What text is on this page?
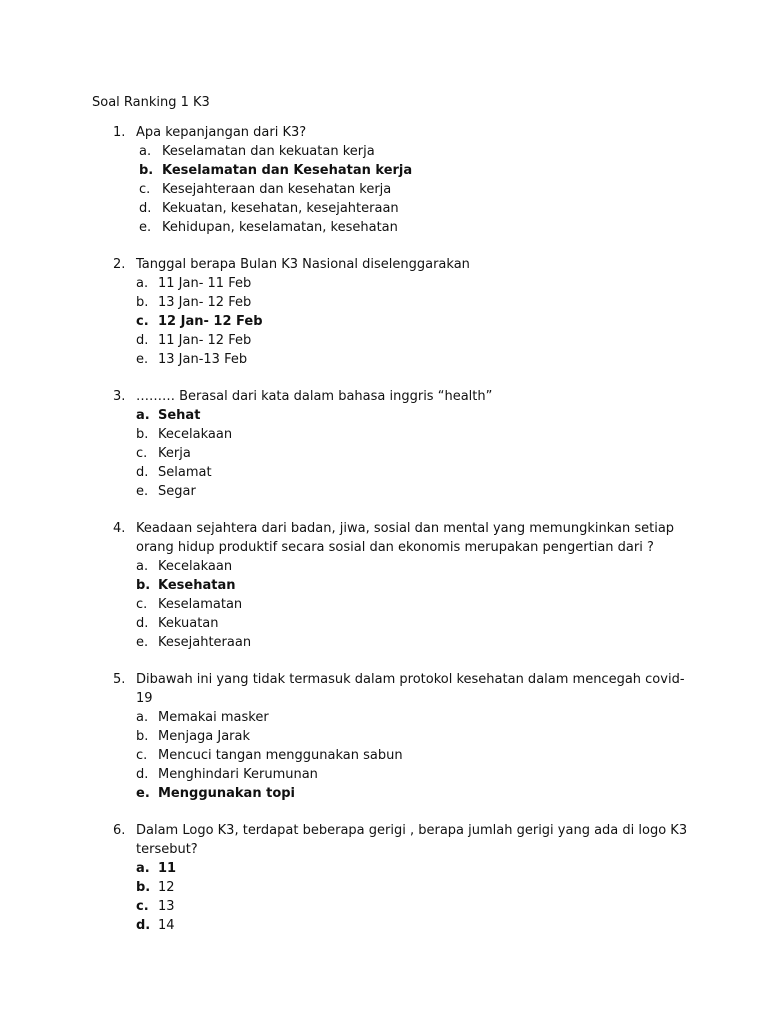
Soal Ranking 1 K3
1. Apa kepanjangan dari K3?
a. Keselamatan dan kekuatan kerja
b. Keselamatan dan Kesehatan kerja
c. Kesejahteraan dan kesehatan kerja
d. Kekuatan, kesehatan, kesejahteraan
e. Kehidupan, keselamatan, kesehatan
2. Tanggal berapa Bulan K3 Nasional diselenggarakan
a. 11 Jan- 11 Feb
b. 13 Jan- 12 Feb
c. 12 Jan- 12 Feb
d. 11 Jan- 12 Feb
e. 13 Jan-13 Feb
3. ……… Berasal dari kata dalam bahasa inggris “health”
a. Sehat
b. Kecelakaan
c. Kerja
d. Selamat
e. Segar
4. Keadaan sejahtera dari badan, jiwa, sosial dan mental yang memungkinkan setiap orang hidup produktif secara sosial dan ekonomis merupakan pengertian dari ?
a. Kecelakaan
b. Kesehatan
c. Keselamatan
d. Kekuatan
e. Kesejahteraan
5. Dibawah ini yang tidak termasuk dalam protokol kesehatan dalam mencegah covid-19
a. Memakai masker
b. Menjaga Jarak
c. Mencuci tangan menggunakan sabun
d. Menghindari Kerumunan
e. Menggunakan topi
6. Dalam Logo K3, terdapat beberapa gerigi , berapa jumlah gerigi yang ada di logo K3 tersebut?
a. 11
b. 12
c. 13
d. 14
